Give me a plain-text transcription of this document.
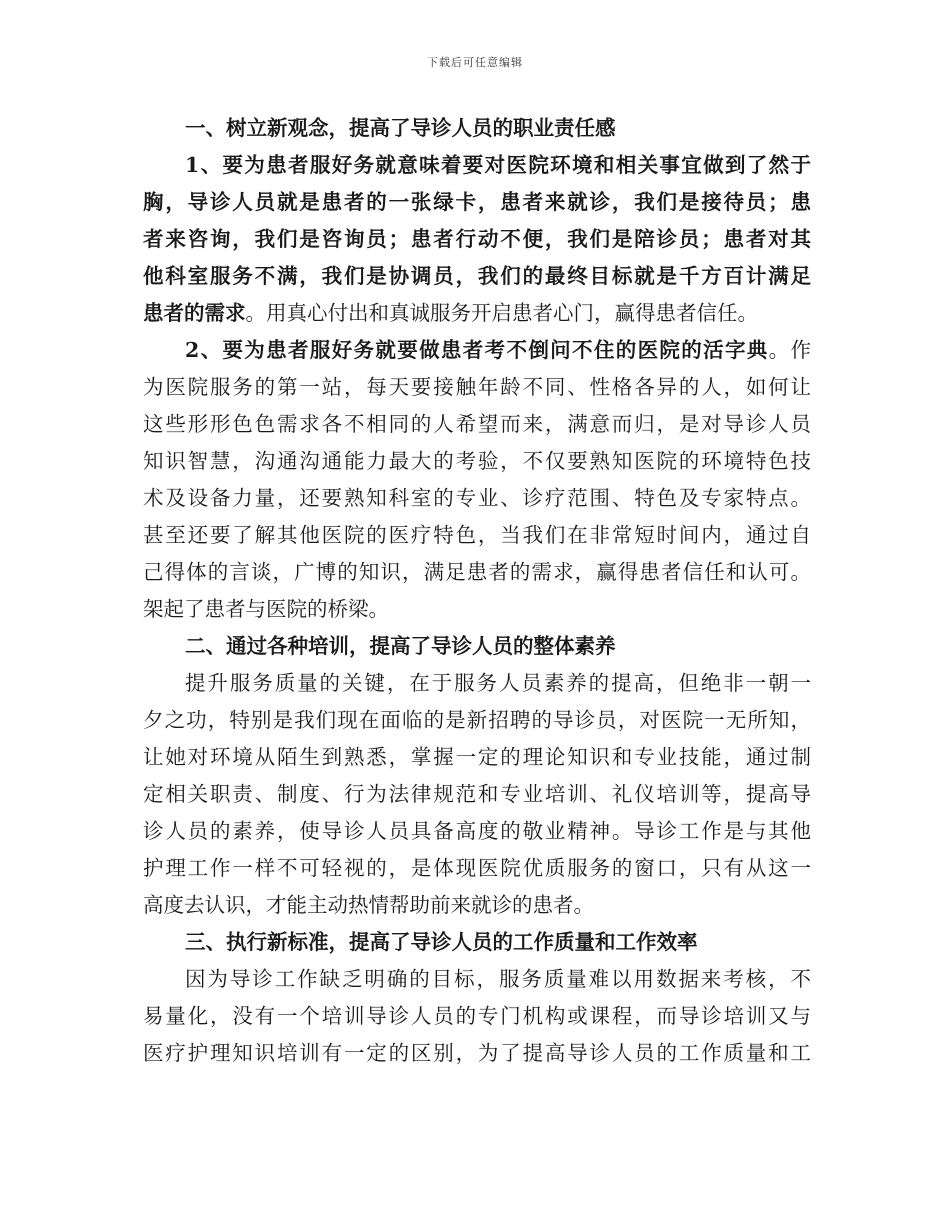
下载后可任意编辑
一、树立新观念，提高了导诊人员的职业责任感
1、要为患者服好务就意味着要对医院环境和相关事宜做到了然于
胸，导诊人员就是患者的一张绿卡，患者来就诊，我们是接待员；患
者来咨询，我们是咨询员；患者行动不便，我们是陪诊员；患者对其
他科室服务不满，我们是协调员，我们的最终目标就是千方百计满足
患者的需求。用真心付出和真诚服务开启患者心门，赢得患者信任。
2、要为患者服好务就要做患者考不倒问不住的医院的活字典。作
为医院服务的第一站，每天要接触年龄不同、性格各异的人，如何让
这些形形色色需求各不相同的人希望而来，满意而归，是对导诊人员
知识智慧，沟通沟通能力最大的考验，不仅要熟知医院的环境特色技
术及设备力量，还要熟知科室的专业、诊疗范围、特色及专家特点。
甚至还要了解其他医院的医疗特色，当我们在非常短时间内，通过自
己得体的言谈，广博的知识，满足患者的需求，赢得患者信任和认可。
架起了患者与医院的桥梁。
二、通过各种培训，提高了导诊人员的整体素养
提升服务质量的关键，在于服务人员素养的提高，但绝非一朝一
夕之功，特别是我们现在面临的是新招聘的导诊员，对医院一无所知，
让她对环境从陌生到熟悉，掌握一定的理论知识和专业技能，通过制
定相关职责、制度、行为法律规范和专业培训、礼仪培训等，提高导
诊人员的素养，使导诊人员具备高度的敬业精神。导诊工作是与其他
护理工作一样不可轻视的，是体现医院优质服务的窗口，只有从这一
高度去认识，才能主动热情帮助前来就诊的患者。
三、执行新标准，提高了导诊人员的工作质量和工作效率
因为导诊工作缺乏明确的目标，服务质量难以用数据来考核，不
易量化，没有一个培训导诊人员的专门机构或课程，而导诊培训又与
医疗护理知识培训有一定的区别，为了提高导诊人员的工作质量和工
